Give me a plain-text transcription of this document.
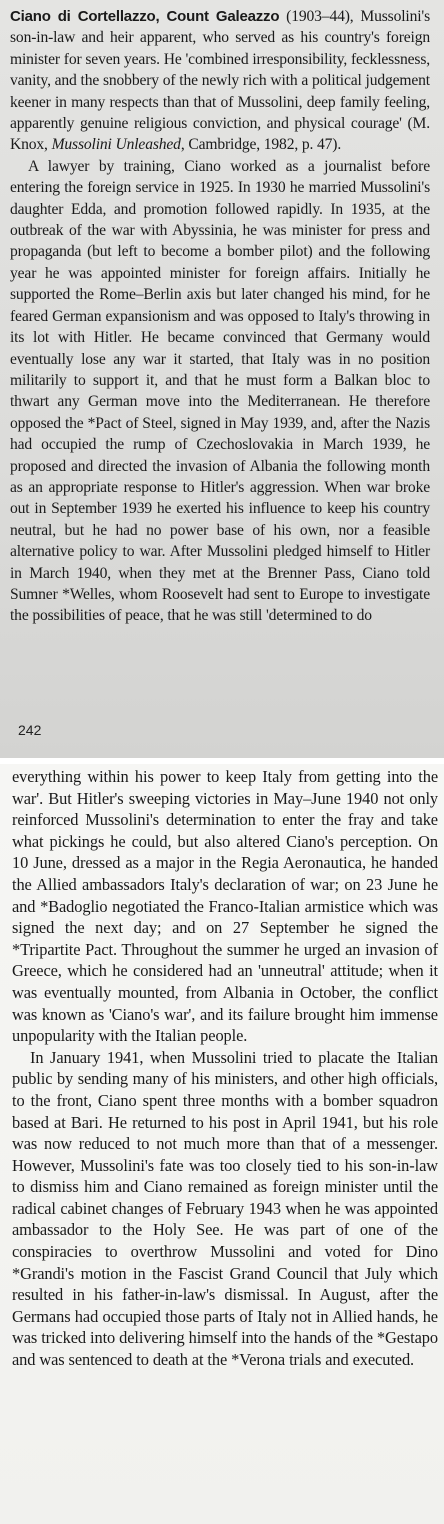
Ciano di Cortellazzo, Count Galeazzo (1903–44), Mussolini's son-in-law and heir apparent, who served as his country's foreign minister for seven years. He 'combined irresponsibility, fecklessness, vanity, and the snobbery of the newly rich with a political judgement keener in many respects than that of Mussolini, deep family feeling, apparently genuine religious conviction, and physical courage' (M. Knox, Mussolini Unleashed, Cambridge, 1982, p. 47).

A lawyer by training, Ciano worked as a journalist before entering the foreign service in 1925. In 1930 he married Mussolini's daughter Edda, and promotion followed rapidly. In 1935, at the outbreak of the war with Abyssinia, he was minister for press and propaganda (but left to become a bomber pilot) and the following year he was appointed minister for foreign affairs. Initially he supported the Rome–Berlin axis but later changed his mind, for he feared German expansionism and was opposed to Italy's throwing in its lot with Hitler. He became convinced that Germany would eventually lose any war it started, that Italy was in no position militarily to support it, and that he must form a Balkan bloc to thwart any German move into the Mediterranean. He therefore opposed the *Pact of Steel, signed in May 1939, and, after the Nazis had occupied the rump of Czechoslovakia in March 1939, he proposed and directed the invasion of Albania the following month as an appropriate response to Hitler's aggression. When war broke out in September 1939 he exerted his influence to keep his country neutral, but he had no power base of his own, nor a feasible alternative policy to war. After Mussolini pledged himself to Hitler in March 1940, when they met at the Brenner Pass, Ciano told Sumner *Welles, whom Roosevelt had sent to Europe to investigate the possibilities of peace, that he was still 'determined to do

242

everything within his power to keep Italy from getting into the war'. But Hitler's sweeping victories in May–June 1940 not only reinforced Mussolini's determination to enter the fray and take what pickings he could, but also altered Ciano's perception. On 10 June, dressed as a major in the Regia Aeronautica, he handed the Allied ambassadors Italy's declaration of war; on 23 June he and *Badoglio negotiated the Franco-Italian armistice which was signed the next day; and on 27 September he signed the *Tripartite Pact. Throughout the summer he urged an invasion of Greece, which he considered had an 'unneutral' attitude; when it was eventually mounted, from Albania in October, the conflict was known as 'Ciano's war', and its failure brought him immense unpopularity with the Italian people.

In January 1941, when Mussolini tried to placate the Italian public by sending many of his ministers, and other high officials, to the front, Ciano spent three months with a bomber squadron based at Bari. He returned to his post in April 1941, but his role was now reduced to not much more than that of a messenger. However, Mussolini's fate was too closely tied to his son-in-law to dismiss him and Ciano remained as foreign minister until the radical cabinet changes of February 1943 when he was appointed ambassador to the Holy See. He was part of one of the conspiracies to overthrow Mussolini and voted for Dino *Grandi's motion in the Fascist Grand Council that July which resulted in his father-in-law's dismissal. In August, after the Germans had occupied those parts of Italy not in Allied hands, he was tricked into delivering himself into the hands of the *Gestapo and was sentenced to death at the *Verona trials and executed.
